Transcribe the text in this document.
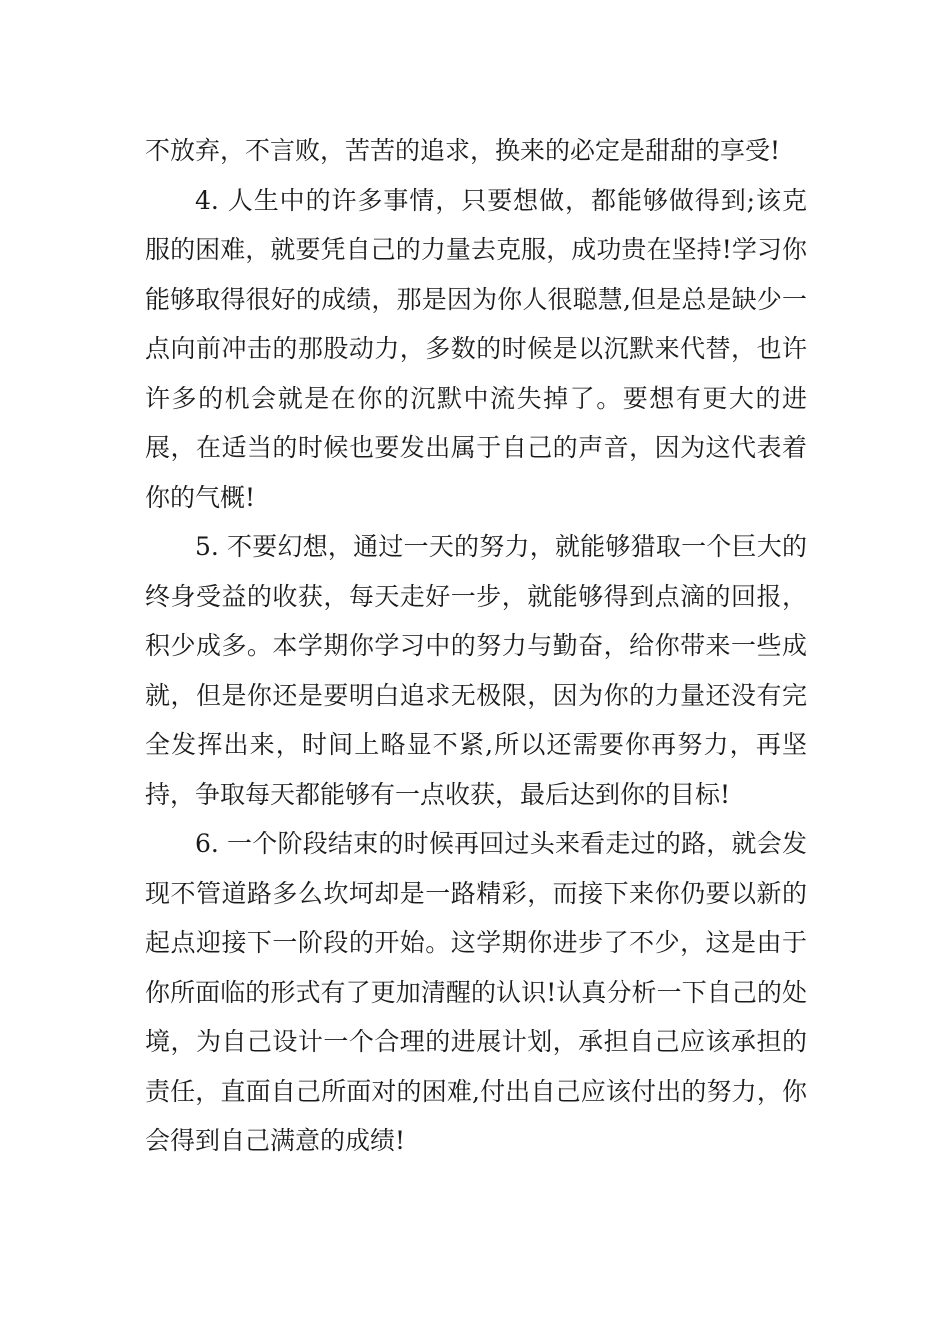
不放弃，不言败，苦苦的追求，换来的必定是甜甜的享受!

4. 人生中的许多事情，只要想做，都能够做得到;该克服的困难，就要凭自己的力量去克服，成功贵在坚持!学习你能够取得很好的成绩，那是因为你人很聪慧,但是总是缺少一点向前冲击的那股动力，多数的时候是以沉默来代替，也许许多的机会就是在你的沉默中流失掉了。要想有更大的进展，在适当的时候也要发出属于自己的声音，因为这代表着你的气概!

5. 不要幻想，通过一天的努力，就能够猎取一个巨大的终身受益的收获，每天走好一步，就能够得到点滴的回报，积少成多。本学期你学习中的努力与勤奋，给你带来一些成就，但是你还是要明白追求无极限，因为你的力量还没有完全发挥出来，时间上略显不紧,所以还需要你再努力，再坚持，争取每天都能够有一点收获，最后达到你的目标!

6. 一个阶段结束的时候再回过头来看走过的路，就会发现不管道路多么坎坷却是一路精彩，而接下来你仍要以新的起点迎接下一阶段的开始。这学期你进步了不少，这是由于你所面临的形式有了更加清醒的认识!认真分析一下自己的处境，为自己设计一个合理的进展计划，承担自己应该承担的责任，直面自己所面对的困难,付出自己应该付出的努力，你会得到自己满意的成绩!
